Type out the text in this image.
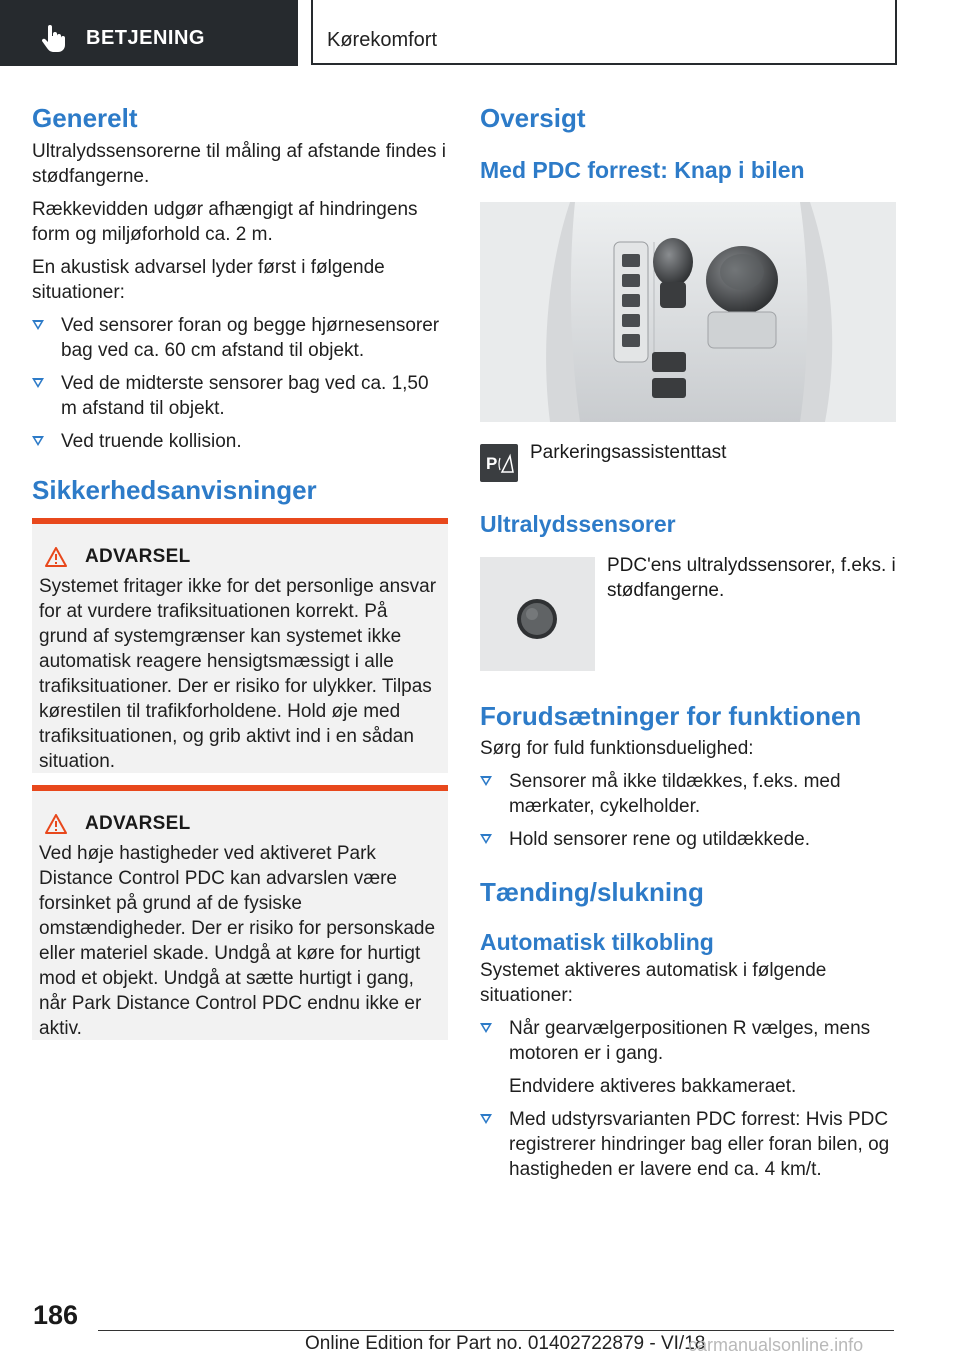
BETJENING	Kørekomfort
Generelt

Ultralydssensorerne til måling af afstande findes i stødfangerne.

Rækkevidden udgør afhængigt af hindringens form og miljøforhold ca. 2 m.

En akustisk advarsel lyder først i følgende situationer:

Ved sensorer foran og begge hjørnesensorer bag ved ca. 60 cm afstand til objekt.
Ved de midterste sensorer bag ved ca. 1,50 m afstand til objekt.
Ved truende kollision.
Sikkerhedsanvisninger
ADVARSEL
Systemet fritager ikke for det personlige ansvar for at vurdere trafiksituationen korrekt. På grund af systemgrænser kan systemet ikke automatisk reagere hensigtsmæssigt i alle trafiksituationer. Der er risiko for ulykker. Tilpas kørestilen til trafikforholdene. Hold øje med trafiksituationen, og grib aktivt ind i en sådan situation.
ADVARSEL
Ved høje hastigheder ved aktiveret Park Distance Control PDC kan advarslen være forsinket på grund af de fysiske omstændigheder. Der er risiko for personskade eller materiel skade. Undgå at køre for hurtigt mod et objekt. Undgå at sætte hurtigt i gang, når Park Distance Control PDC endnu ikke er aktiv.
Oversigt
Med PDC forrest: Knap i bilen
P
Parkeringsassistenttast
Ultralydssensorer
PDC'ens ultralydssensorer, f.eks. i stødfangerne.
Forudsætninger for funktionen

Sørg for fuld funktionsduelighed:

Sensorer må ikke tildækkes, f.eks. med mærkater, cykelholder.
Hold sensorer rene og utildækkede.
Tænding/slukning
Automatisk tilkobling

Systemet aktiveres automatisk i følgende situationer:

Når gearvælgerpositionen R vælges, mens motoren er i gang.

Endvidere aktiveres bakkameraet.

Med udstyrsvarianten PDC forrest: Hvis PDC registrerer hindringer bag eller foran bilen, og hastigheden er lavere end ca. 4 km/t.
186
Online Edition for Part no. 01402722879 - VI/18
carmanualsonline.info
